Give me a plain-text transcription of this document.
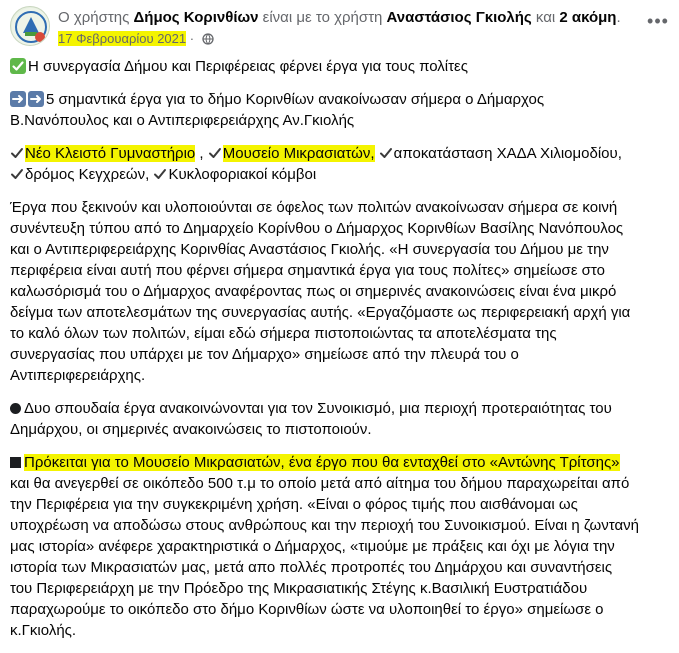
Ο χρήστης Δήμος Κορινθίων είναι με το χρήστη Αναστάσιος Γκιολής και 2 ακόμη.
17 Φεβρουαρίου 2021 ·
•••
Η συνεργασία Δήμου και Περιφέρειας φέρνει έργα για τους πολίτες
5 σημαντικά έργα για το δήμο Κορινθίων ανακοίνωσαν σήμερα ο Δήμαρχος
Β.Νανόπουλος και ο Αντιπεριφερειάρχης Αν.Γκιολής
Νέο Κλειστό Γυμναστήριο , Μουσείο Μικρασιατών, αποκατάσταση ΧΑΔΑ Χιλιομοδίου,
δρόμος Κεγχρεών, Κυκλοφοριακοί κόμβοι
Έργα που ξεκινούν και υλοποιούνται σε όφελος των πολιτών ανακοίνωσαν σήμερα σε κοινή
συνέντευξη τύπου από το Δημαρχείο Κορίνθου ο Δήμαρχος Κορινθίων Βασίλης Νανόπουλος
και ο Αντιπεριφερειάρχης Κορινθίας Αναστάσιος Γκιολής. «Η συνεργασία του Δήμου με την
περιφέρεια είναι αυτή που φέρνει σήμερα σημαντικά έργα για τους πολίτες» σημείωσε στο
καλωσόρισμά του ο Δήμαρχος αναφέροντας πως οι σημερινές ανακοινώσεις είναι ένα μικρό
δείγμα των αποτελεσμάτων της συνεργασίας αυτής. «Εργαζόμαστε ως περιφερειακή αρχή για
το καλό όλων των πολιτών, είμαι εδώ σήμερα πιστοποιώντας τα αποτελέσματα της
συνεργασίας που υπάρχει με τον Δήμαρχο» σημείωσε από την πλευρά του ο
Αντιπεριφερειάρχης.
Δυο σπουδαία έργα ανακοινώνονται για τον Συνοικισμό, μια περιοχή προτεραιότητας του
Δημάρχου, οι σημερινές ανακοινώσεις το πιστοποιούν.
Πρόκειται για το Μουσείο Μικρασιατών, ένα έργο που θα ενταχθεί στο «Αντώνης Τρίτσης»
και θα ανεγερθεί σε οικόπεδο 500 τ.μ το οποίο μετά από αίτημα του δήμου παραχωρείται από
την Περιφέρεια για την συγκεκριμένη χρήση. «Είναι ο φόρος τιμής που αισθάνομαι ως
υποχρέωση να αποδώσω στους ανθρώπους και την περιοχή του Συνοικισμού. Είναι η ζωντανή
μας ιστορία» ανέφερε χαρακτηριστικά ο Δήμαρχος, «τιμούμε με πράξεις και όχι με λόγια την
ιστορία των Μικρασιατών μας, μετά απο πολλές προτροπές του Δημάρχου και συναντήσεις
του Περιφερειάρχη με την Πρόεδρο της Μικρασιατικής Στέγης κ.Βασιλική Ευστρατιάδου
παραχωρούμε το οικόπεδο στο δήμο Κορινθίων ώστε να υλοποιηθεί το έργο» σημείωσε ο
κ.Γκιολής.
